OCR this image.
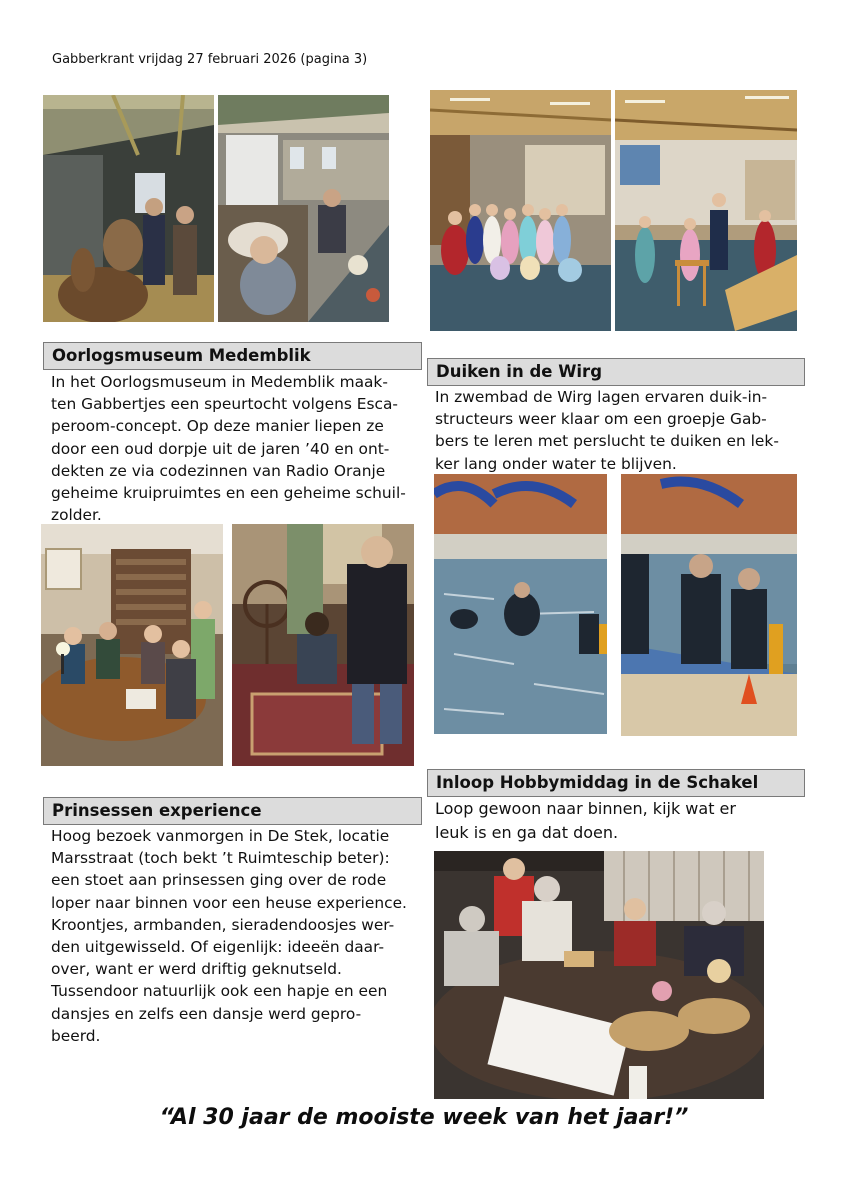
Gabberkrant vrijdag 27 februari 2026 (pagina 3)
Oorlogsmuseum Medemblik
In het Oorlogsmuseum in Medemblik maak-
ten Gabbertjes een speurtocht volgens Esca-
peroom-concept. Op deze manier liepen ze
door een oud dorpje uit de jaren ’40 en ont-
dekten ze via codezinnen van Radio Oranje
geheime kruipruimtes en een geheime schuil-
zolder.
Duiken in de Wirg
In zwembad de Wirg lagen ervaren duik-in-
structeurs weer klaar om een groepje Gab-
bers te leren met perslucht te duiken en lek-
ker lang onder water te blijven.
Inloop Hobbymiddag in de Schakel
Loop gewoon naar binnen, kijk wat er
leuk is en ga dat doen.
Prinsessen experience
Hoog bezoek vanmorgen in De Stek, locatie
Marsstraat (toch bekt ’t Ruimteschip beter):
een stoet aan prinsessen ging over de rode
loper naar binnen voor een heuse experience.
Kroontjes, armbanden, sieradendoosjes wer-
den uitgewisseld. Of eigenlijk: ideeën daar-
over, want er werd driftig geknutseld.
Tussendoor natuurlijk ook een hapje en een
dansjes en zelfs een dansje werd gepro-
beerd.
“Al 30 jaar de mooiste week van het jaar!”
